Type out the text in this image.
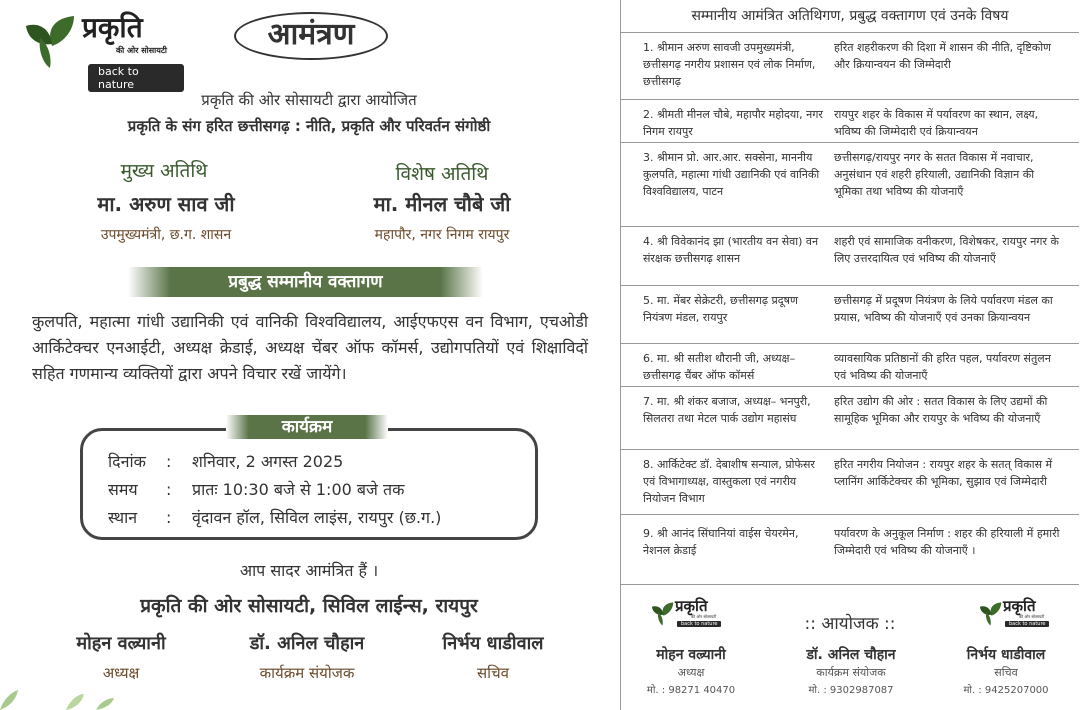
प्रकृति
की ओर सोसायटी
back to nature
आमंत्रण
प्रकृति की ओर सोसायटी द्वारा आयोजित
प्रकृति के संग हरित छत्तीसगढ़ : नीति, प्रकृति और परिवर्तन संगोष्ठी
मुख्य अतिथि
मा. अरुण साव जी
उपमुख्यमंत्री, छ.ग. शासन
विशेष अतिथि
मा. मीनल चौबे जी
महापौर, नगर निगम रायपुर
प्रबुद्ध सम्मानीय वक्तागण
कुलपति, महात्मा गांधी उद्यानिकी एवं वानिकी विश्वविद्यालय, आईएफएस वन विभाग, एचओडी आर्किटेक्चर एनआईटी, अध्यक्ष क्रेडाई, अध्यक्ष चेंबर ऑफ कॉमर्स, उद्योगपतियों एवं शिक्षाविदों सहित गणमान्य व्यक्तियों द्वारा अपने विचार रखें जायेंगे।
कार्यक्रम
दिनांक : शनिवार, 2 अगस्त 2025
समय : प्रातः 10:30 बजे से 1:00 बजे तक
स्थान : वृंदावन हॉल, सिविल लाइंस, रायपुर (छ.ग.)
आप सादर आमंत्रित हैं ।
प्रकृति की ओर सोसायटी, सिविल लाईन्स, रायपुर
मोहन वल्र्यानी
अध्यक्ष
डॉ. अनिल चौहान
कार्यक्रम संयोजक
निर्भय धाडीवाल
सचिव
सम्मानीय आमंत्रित अतिथिगण, प्रबुद्ध वक्तागण एवं उनके विषय
1. श्रीमान अरुण सावजी उपमुख्यमंत्री, छत्तीसगढ़ नगरीय प्रशासन एवं लोक निर्माण, छत्तीसगढ़
हरित शहरीकरण की दिशा में शासन की नीति, दृष्टिकोण और क्रियान्वयन की जिम्मेदारी
2. श्रीमती मीनल चौबे, महापौर महोदया, नगर निगम रायपुर
रायपुर शहर के विकास में पर्यावरण का स्थान, लक्ष्य, भविष्य की जिम्मेदारी एवं क्रियान्वयन
3. श्रीमान प्रो. आर.आर. सक्सेना, माननीय कुलपति, महात्मा गांधी उद्यानिकी एवं वानिकी विश्वविद्यालय, पाटन
छत्तीसगढ़/रायपुर नगर के सतत विकास में नवाचार, अनुसंधान एवं शहरी हरियाली, उद्यानिकी विज्ञान की भूमिका तथा भविष्य की योजनाएँ
4. श्री विवेकानंद झा (भारतीय वन सेवा) वन संरक्षक छत्तीसगढ़ शासन
शहरी एवं सामाजिक वनीकरण, विशेषकर, रायपुर नगर के लिए उत्तरदायित्व एवं भविष्य की योजनाएँ
5. मा. मेंबर सेक्रेटरी, छत्तीसगढ़ प्रदूषण नियंत्रण मंडल, रायपुर
छत्तीसगढ़ में प्रदूषण नियंत्रण के लिये पर्यावरण मंडल का प्रयास, भविष्य की योजनाएँ एवं उनका क्रियान्वयन
6. मा. श्री सतीश थौरानी जी, अध्यक्ष– छत्तीसगढ़ चैंबर ऑफ कॉमर्स
व्यावसायिक प्रतिष्ठानों की हरित पहल, पर्यावरण संतुलन एवं भविष्य की योजनाएँ
7. मा. श्री शंकर बजाज, अध्यक्ष– भनपुरी, सिलतरा तथा मेटल पार्क उद्योग महासंघ
हरित उद्योग की ओर : सतत विकास के लिए उद्यमों की सामूहिक भूमिका और रायपुर के भविष्य की योजनाएँ
8. आर्किटेक्ट डॉ. देबाशीष सन्याल, प्रोफेसर एवं विभागाध्यक्ष, वास्तुकला एवं नगरीय नियोजन विभाग
हरित नगरीय नियोजन : रायपुर शहर के सतत् विकास में प्लानिंग आर्किटेक्चर की भूमिका, सुझाव एवं जिम्मेदारी
9. श्री आनंद सिंघानियां वाईस चेयरमेन, नेशनल क्रेडाई
पर्यावरण के अनुकूल निर्माण : शहर की हरियाली में हमारी जिम्मेदारी एवं भविष्य की योजनाएँ ।
:: आयोजक ::
प्रकृति
की ओर सोसायटी
back to nature
प्रकृति
की ओर सोसायटी
back to nature
मोहन वल्र्यानी
अध्यक्ष
मो. : 98271 40470
डॉ. अनिल चौहान
कार्यक्रम संयोजक
मो. : 9302987087
निर्भय धाडीवाल
सचिव
मो. : 9425207000
